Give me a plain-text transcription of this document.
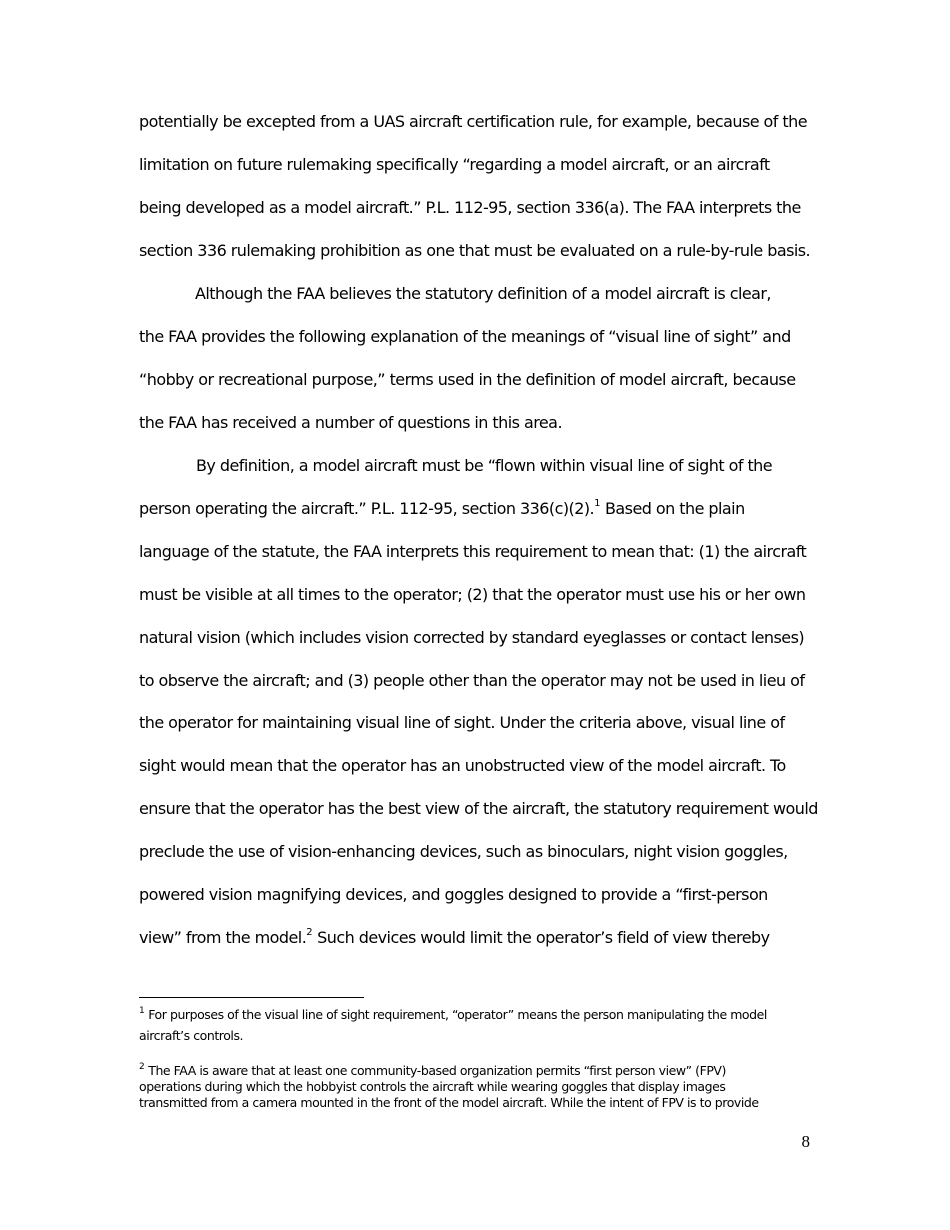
potentially be excepted from a UAS aircraft certification rule, for example, because of the
limitation on future rulemaking specifically “regarding a model aircraft, or an aircraft
being developed as a model aircraft.” P.L. 112-95, section 336(a). The FAA interprets the
section 336 rulemaking prohibition as one that must be evaluated on a rule-by-rule basis.
Although the FAA believes the statutory definition of a model aircraft is clear,
the FAA provides the following explanation of the meanings of “visual line of sight” and
“hobby or recreational purpose,” terms used in the definition of model aircraft, because
the FAA has received a number of questions in this area.
By definition, a model aircraft must be “flown within visual line of sight of the
person operating the aircraft.” P.L. 112-95, section 336(c)(2).$^1$ Based on the plain
language of the statute, the FAA interprets this requirement to mean that: (1) the aircraft
must be visible at all times to the operator; (2) that the operator must use his or her own
natural vision (which includes vision corrected by standard eyeglasses or contact lenses)
to observe the aircraft; and (3) people other than the operator may not be used in lieu of
the operator for maintaining visual line of sight. Under the criteria above, visual line of
sight would mean that the operator has an unobstructed view of the model aircraft. To
ensure that the operator has the best view of the aircraft, the statutory requirement would
preclude the use of vision-enhancing devices, such as binoculars, night vision goggles,
powered vision magnifying devices, and goggles designed to provide a “first-person
view” from the model.$^2$ Such devices would limit the operator’s field of view thereby
$^1$ For purposes of the visual line of sight requirement, “operator” means the person manipulating the model
aircraft’s controls.
$^2$ The FAA is aware that at least one community-based organization permits “first person view” (FPV)
operations during which the hobbyist controls the aircraft while wearing goggles that display images
transmitted from a camera mounted in the front of the model aircraft. While the intent of FPV is to provide
8
